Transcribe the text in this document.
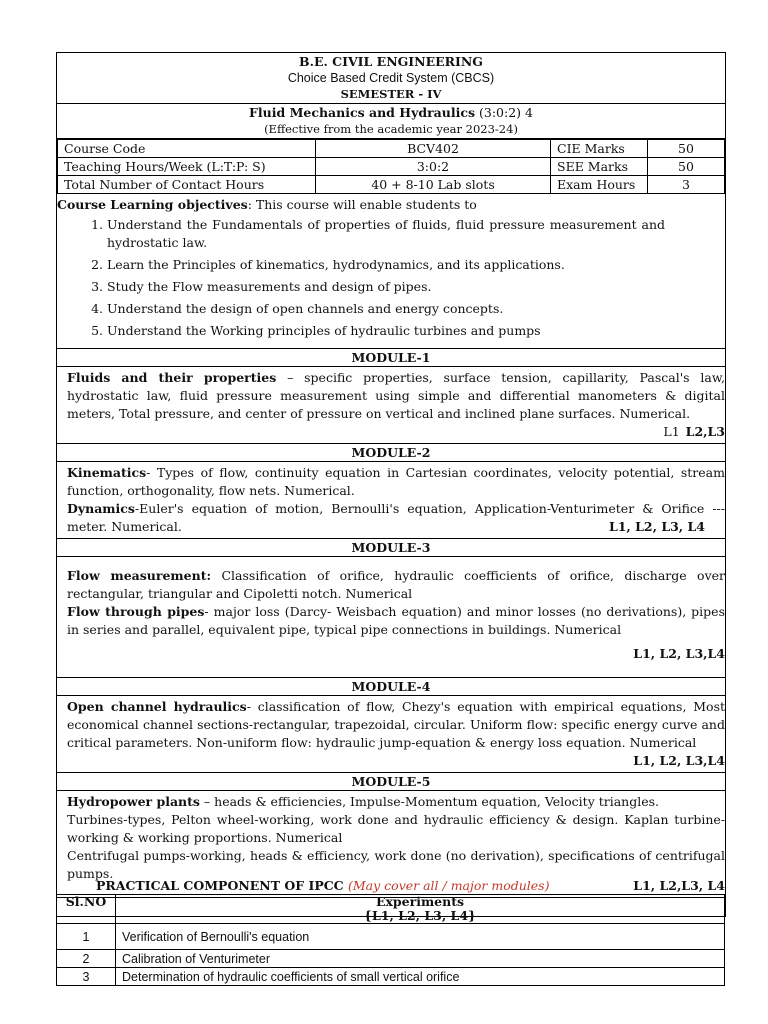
B.E. CIVIL ENGINEERING
Choice Based Credit System (CBCS)
SEMESTER - IV
Fluid Mechanics and Hydraulics (3:0:2) 4
(Effective from the academic year 2023-24)
Course Code	BCV402	CIE Marks	50
Teaching Hours/Week (L:T:P: S)	3:0:2	SEE Marks	50
Total Number of Contact Hours	40 + 8-10 Lab slots	Exam Hours	3
Course Learning objectives: This course will enable students to
1. Understand the Fundamentals of properties of fluids, fluid pressure measurement and hydrostatic law.
2. Learn the Principles of kinematics, hydrodynamics, and its applications.
3. Study the Flow measurements and design of pipes.
4. Understand the design of open channels and energy concepts.
5. Understand the Working principles of hydraulic turbines and pumps
MODULE-1
Fluids and their properties – specific properties, surface tension, capillarity, Pascal's law, hydrostatic law, fluid pressure measurement using simple and differential manometers & digital meters, Total pressure, and center of pressure on vertical and inclined plane surfaces. Numerical.
L1 L2,L3
MODULE-2
Kinematics- Types of flow, continuity equation in Cartesian coordinates, velocity potential, stream function, orthogonality, flow nets. Numerical.
Dynamics-Euler's equation of motion, Bernoulli's equation, Application-Venturimeter & Orifice ---meter. Numerical.	L1, L2, L3, L4
MODULE-3
Flow measurement: Classification of orifice, hydraulic coefficients of orifice, discharge over rectangular, triangular and Cipoletti notch. Numerical
Flow through pipes- major loss (Darcy- Weisbach equation) and minor losses (no derivations), pipes in series and parallel, equivalent pipe, typical pipe connections in buildings. Numerical
L1, L2, L3,L4
MODULE-4
Open channel hydraulics- classification of flow, Chezy's equation with empirical equations, Most economical channel sections-rectangular, trapezoidal, circular. Uniform flow: specific energy curve and critical parameters. Non-uniform flow: hydraulic jump-equation & energy loss equation. Numerical
L1, L2, L3,L4
MODULE-5
Hydropower plants – heads & efficiencies, Impulse-Momentum equation, Velocity triangles.
Turbines-types, Pelton wheel-working, work done and hydraulic efficiency & design. Kaplan turbine-working & working proportions. Numerical
Centrifugal pumps-working, heads & efficiency, work done (no derivation), specifications of centrifugal pumps.
L1, L2,L3, L4
PRACTICAL COMPONENT OF IPCC (May cover all / major modules)
Sl.NO	Experiments
{L1, L2, L3, L4}

1	Verification of Bernoulli's equation
2	Calibration of Venturimeter
3	Determination of hydraulic coefficients of small vertical orifice
